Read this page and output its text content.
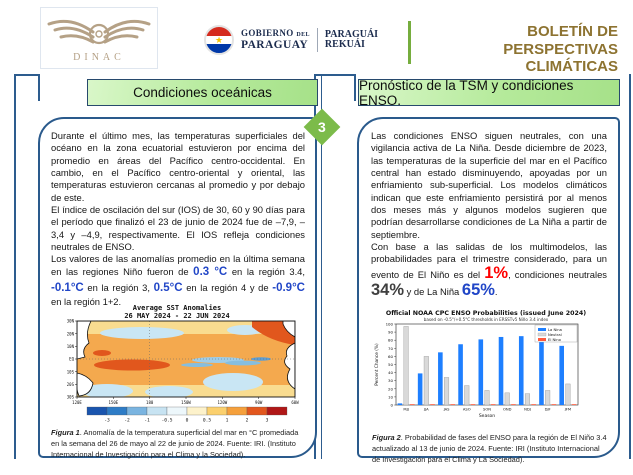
DINAC
★
GOBIERNO DEL
PARAGUAY
PARAGUÁI
REKUÁI
BOLETÍN DE PERSPECTIVAS
CLIMÁTICAS
Condiciones oceánicas	Pronóstico de la TSM y condiciones ENSO.
3

Durante el último mes, las temperaturas superficiales del océano en la zona ecuatorial estuvieron por encima del promedio en áreas del Pacífico centro-occidental. En cambio, en el Pacífico centro-oriental y oriental, las temperaturas estuvieron cercanas al promedio y por debajo de este.

El índice de oscilación del sur (IOS) de 30, 60 y 90 días para el período que finalizó el 23 de junio de 2024 fue de –7,9, –3,4 y –4,9, respectivamente. El IOS refleja condiciones neutrales de ENSO.

Los valores de las anomalías promedio en la última semana en las regiones Niño fueron de 0.3 °C en la región 3.4, -0.1°C en la región 3, 0.5°C en la región 4 y de -0.9°C en la región 1+2.

Average SST Anomalies
26 MAY 2024 - 22 JUN 2024
30N
20N
10N
EQ
10S
20S
30S
120E	150E	180	150W	120W	90W	60W
-3	-2	-1	-0.5	0	0.5	1	2	3
Figura 1. Anomalía de la temperatura superficial del mar en °C promediada en la semana del 26 de mayo al 22 de junio de 2024. Fuente: IRI. (Instituto Internacional de Investigación para el Clima y la Sociedad).

Las condiciones ENSO siguen neutrales, con una vigilancia activa de La Niña. Desde diciembre de 2023, las temperaturas de la superficie del mar en el Pacífico central han estado disminuyendo, apoyadas por un enfriamiento sub-superficial. Los modelos climáticos indican que este enfriamiento persistirá por al menos dos meses más y algunos modelos sugieren que podrían desarrollarse condiciones de La Niña a partir de septiembre.

Con base a las salidas de los multimodelos, las probabilidades para el trimestre considerado, para un evento de El Niño es del 1%, condiciones neutrales 34% y de La Niña 65%.

Official NOAA CPC ENSO Probabilities (issued June 2024)
based on -0.5°/+0.5°C thresholds in ERSSTv5 Niño 3.4 index
0
10
20
30
40
50
60
70
80
90
100
Percent Chance (%)
MJJ	JJA	JAS	ASO	SON	OND	NDJ	DJF	JFM
Season
La Nina
Neutral
El Nino
Figura 2. Probabilidad de fases del ENSO para la región de El Niño 3.4 actualizado al 13 de junio de 2024. Fuente: IRI (Instituto Internacional de Investigación para el Clima y La Sociedad).
